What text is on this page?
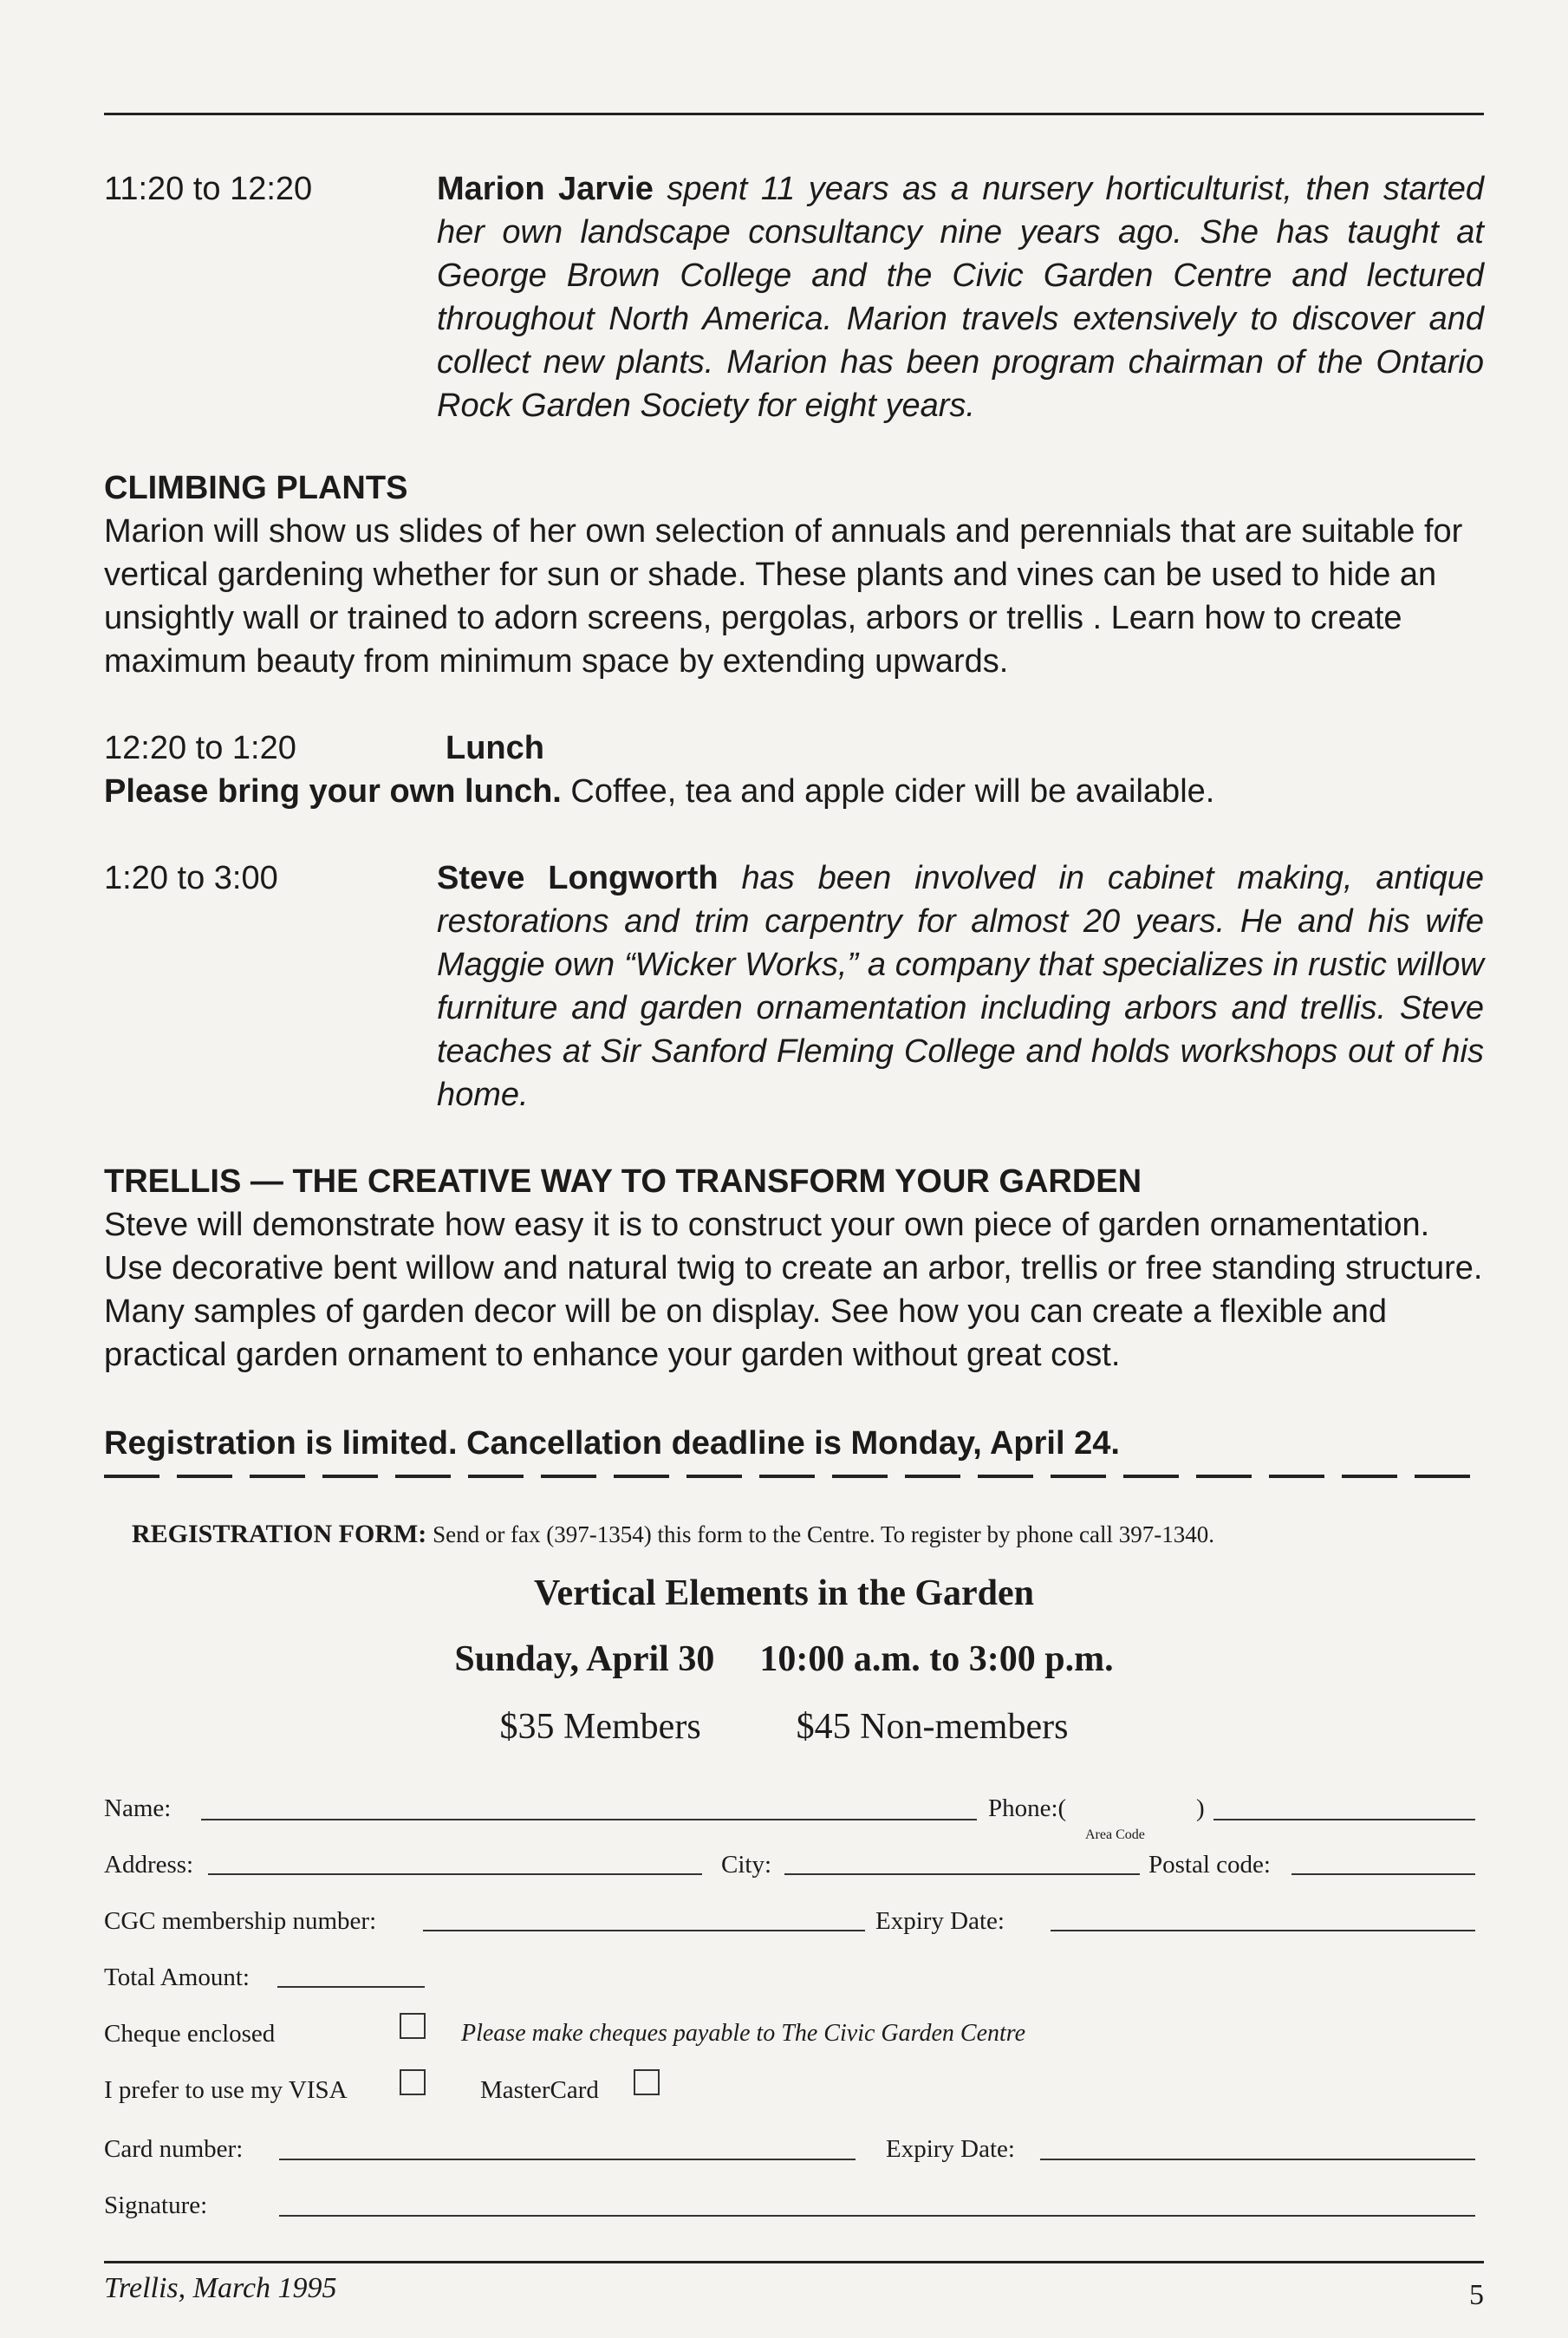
11:20 to 12:20	Marion Jarvie spent 11 years as a nursery horticulturist, then started her own landscape consultancy nine years ago. She has taught at George Brown College and the Civic Garden Centre and lectured throughout North America. Marion travels extensively to discover and collect new plants. Marion has been program chairman of the Ontario Rock Garden Society for eight years.
CLIMBING PLANTS
Marion will show us slides of her own selection of annuals and perennials that are suitable for vertical gardening whether for sun or shade. These plants and vines can be used to hide an unsightly wall or trained to adorn screens, pergolas, arbors or trellis . Learn how to create maximum beauty from minimum space by extending upwards.
12:20 to 1:20	Lunch
Please bring your own lunch. Coffee, tea and apple cider will be available.
1:20 to 3:00	Steve Longworth has been involved in cabinet making, antique restorations and trim carpentry for almost 20 years. He and his wife Maggie own “Wicker Works,” a company that specializes in rustic willow furniture and garden ornamentation including arbors and trellis. Steve teaches at Sir Sanford Fleming College and holds workshops out of his home.
TRELLIS — THE CREATIVE WAY TO TRANSFORM YOUR GARDEN
Steve will demonstrate how easy it is to construct your own piece of garden ornamentation. Use decorative bent willow and natural twig to create an arbor, trellis or free standing structure. Many samples of garden decor will be on display. See how you can create a flexible and practical garden ornament to enhance your garden without great cost.
Registration is limited. Cancellation deadline is Monday, April 24.
REGISTRATION FORM: Send or fax (397-1354) this form to the Centre. To register by phone call 397-1340.
Vertical Elements in the Garden
Sunday, April 30 10:00 a.m. to 3:00 p.m.
$35 Members	$45 Non-members
Name:	Phone:(	)
Area Code
Address:	City:	Postal code:
CGC membership number:	Expiry Date:
Total Amount:
Cheque enclosed	Please make cheques payable to The Civic Garden Centre
I prefer to use my VISA	MasterCard
Card number:	Expiry Date:
Signature:
Trellis, March 1995	5
